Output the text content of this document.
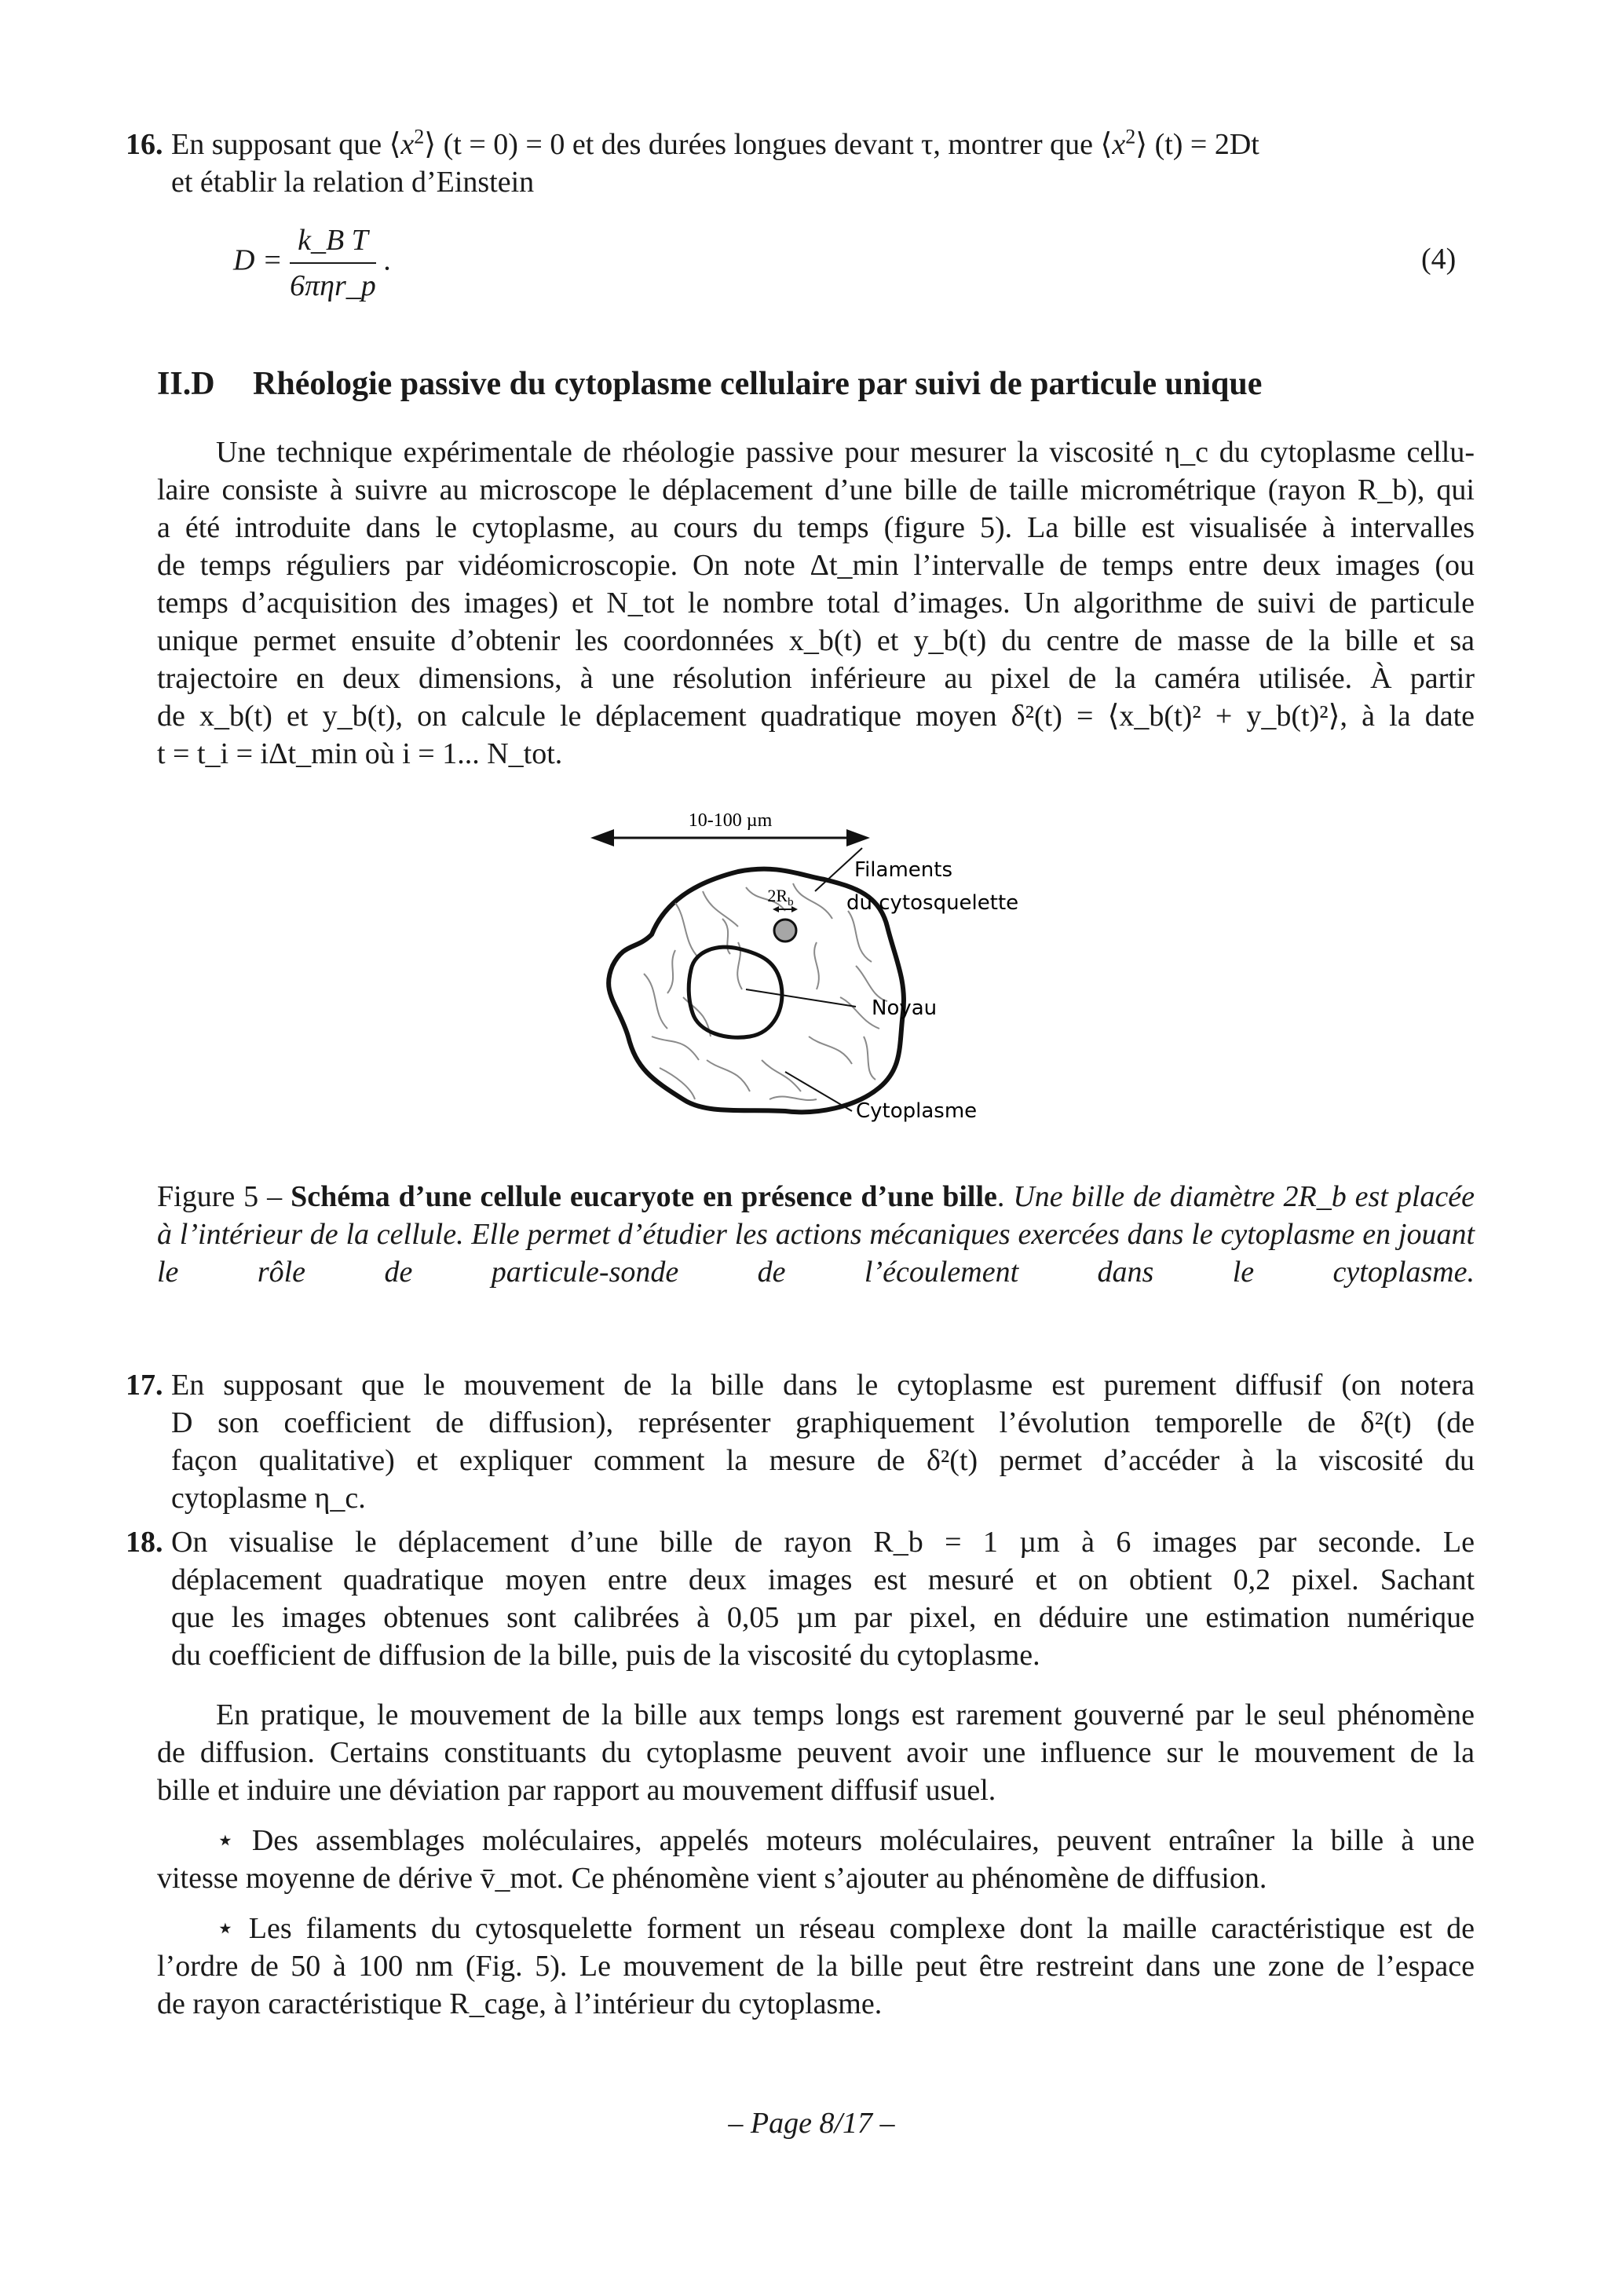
16. En supposant que $⟨x^2⟩$ (t = 0) = 0 et des durées longues devant τ, montrer que $⟨x^2⟩$ (t) = 2Dt
et établir la relation d’Einstein
$D = \frac{\text{k\_B T}}{\text{6πηr\_p}}$ .	(4)
II.D Rhéologie passive du cytoplasme cellulaire par suivi de particule unique
Une technique expérimentale de rhéologie passive pour mesurer la viscosité η_c du cytoplasme cellu-
laire consiste à suivre au microscope le déplacement d’une bille de taille micrométrique (rayon R_b), qui
a été introduite dans le cytoplasme, au cours du temps (figure 5). La bille est visualisée à intervalles
de temps réguliers par vidéomicroscopie. On note Δt_min l’intervalle de temps entre deux images (ou
temps d’acquisition des images) et N_tot le nombre total d’images. Un algorithme de suivi de particule
unique permet ensuite d’obtenir les coordonnées x_b(t) et y_b(t) du centre de masse de la bille et sa
trajectoire en deux dimensions, à une résolution inférieure au pixel de la caméra utilisée. À partir
de x_b(t) et y_b(t), on calcule le déplacement quadratique moyen δ²(t) = ⟨x_b(t)² + y_b(t)²⟩, à la date
t = t_i = iΔt_min où i = 1... N_tot.
10-100 µm
$2R_b$
Filaments
du cytosquelette
Noyau
Cytoplasme
Figure 5 – Schéma d’une cellule eucaryote en présence d’une bille. Une bille de diamètre 2R_b est placée à l’intérieur de la cellule. Elle permet d’étudier les actions mécaniques exercées dans le cytoplasme en jouant le rôle de particule-sonde de l’écoulement dans le cytoplasme.
17. En supposant que le mouvement de la bille dans le cytoplasme est purement diffusif (on notera
D son coefficient de diffusion), représenter graphiquement l’évolution temporelle de δ²(t) (de
façon qualitative) et expliquer comment la mesure de δ²(t) permet d’accéder à la viscosité du
cytoplasme η_c.
18. On visualise le déplacement d’une bille de rayon R_b = 1 µm à 6 images par seconde. Le
déplacement quadratique moyen entre deux images est mesuré et on obtient 0,2 pixel. Sachant
que les images obtenues sont calibrées à 0,05 µm par pixel, en déduire une estimation numérique
du coefficient de diffusion de la bille, puis de la viscosité du cytoplasme.
En pratique, le mouvement de la bille aux temps longs est rarement gouverné par le seul phénomène
de diffusion. Certains constituants du cytoplasme peuvent avoir une influence sur le mouvement de la
bille et induire une déviation par rapport au mouvement diffusif usuel.
⋆ Des assemblages moléculaires, appelés moteurs moléculaires, peuvent entraîner la bille à une
vitesse moyenne de dérive v̄_mot. Ce phénomène vient s’ajouter au phénomène de diffusion.
⋆ Les filaments du cytosquelette forment un réseau complexe dont la maille caractéristique est de
l’ordre de 50 à 100 nm (Fig. 5). Le mouvement de la bille peut être restreint dans une zone de l’espace
de rayon caractéristique R_cage, à l’intérieur du cytoplasme.
– Page 8/17 –
